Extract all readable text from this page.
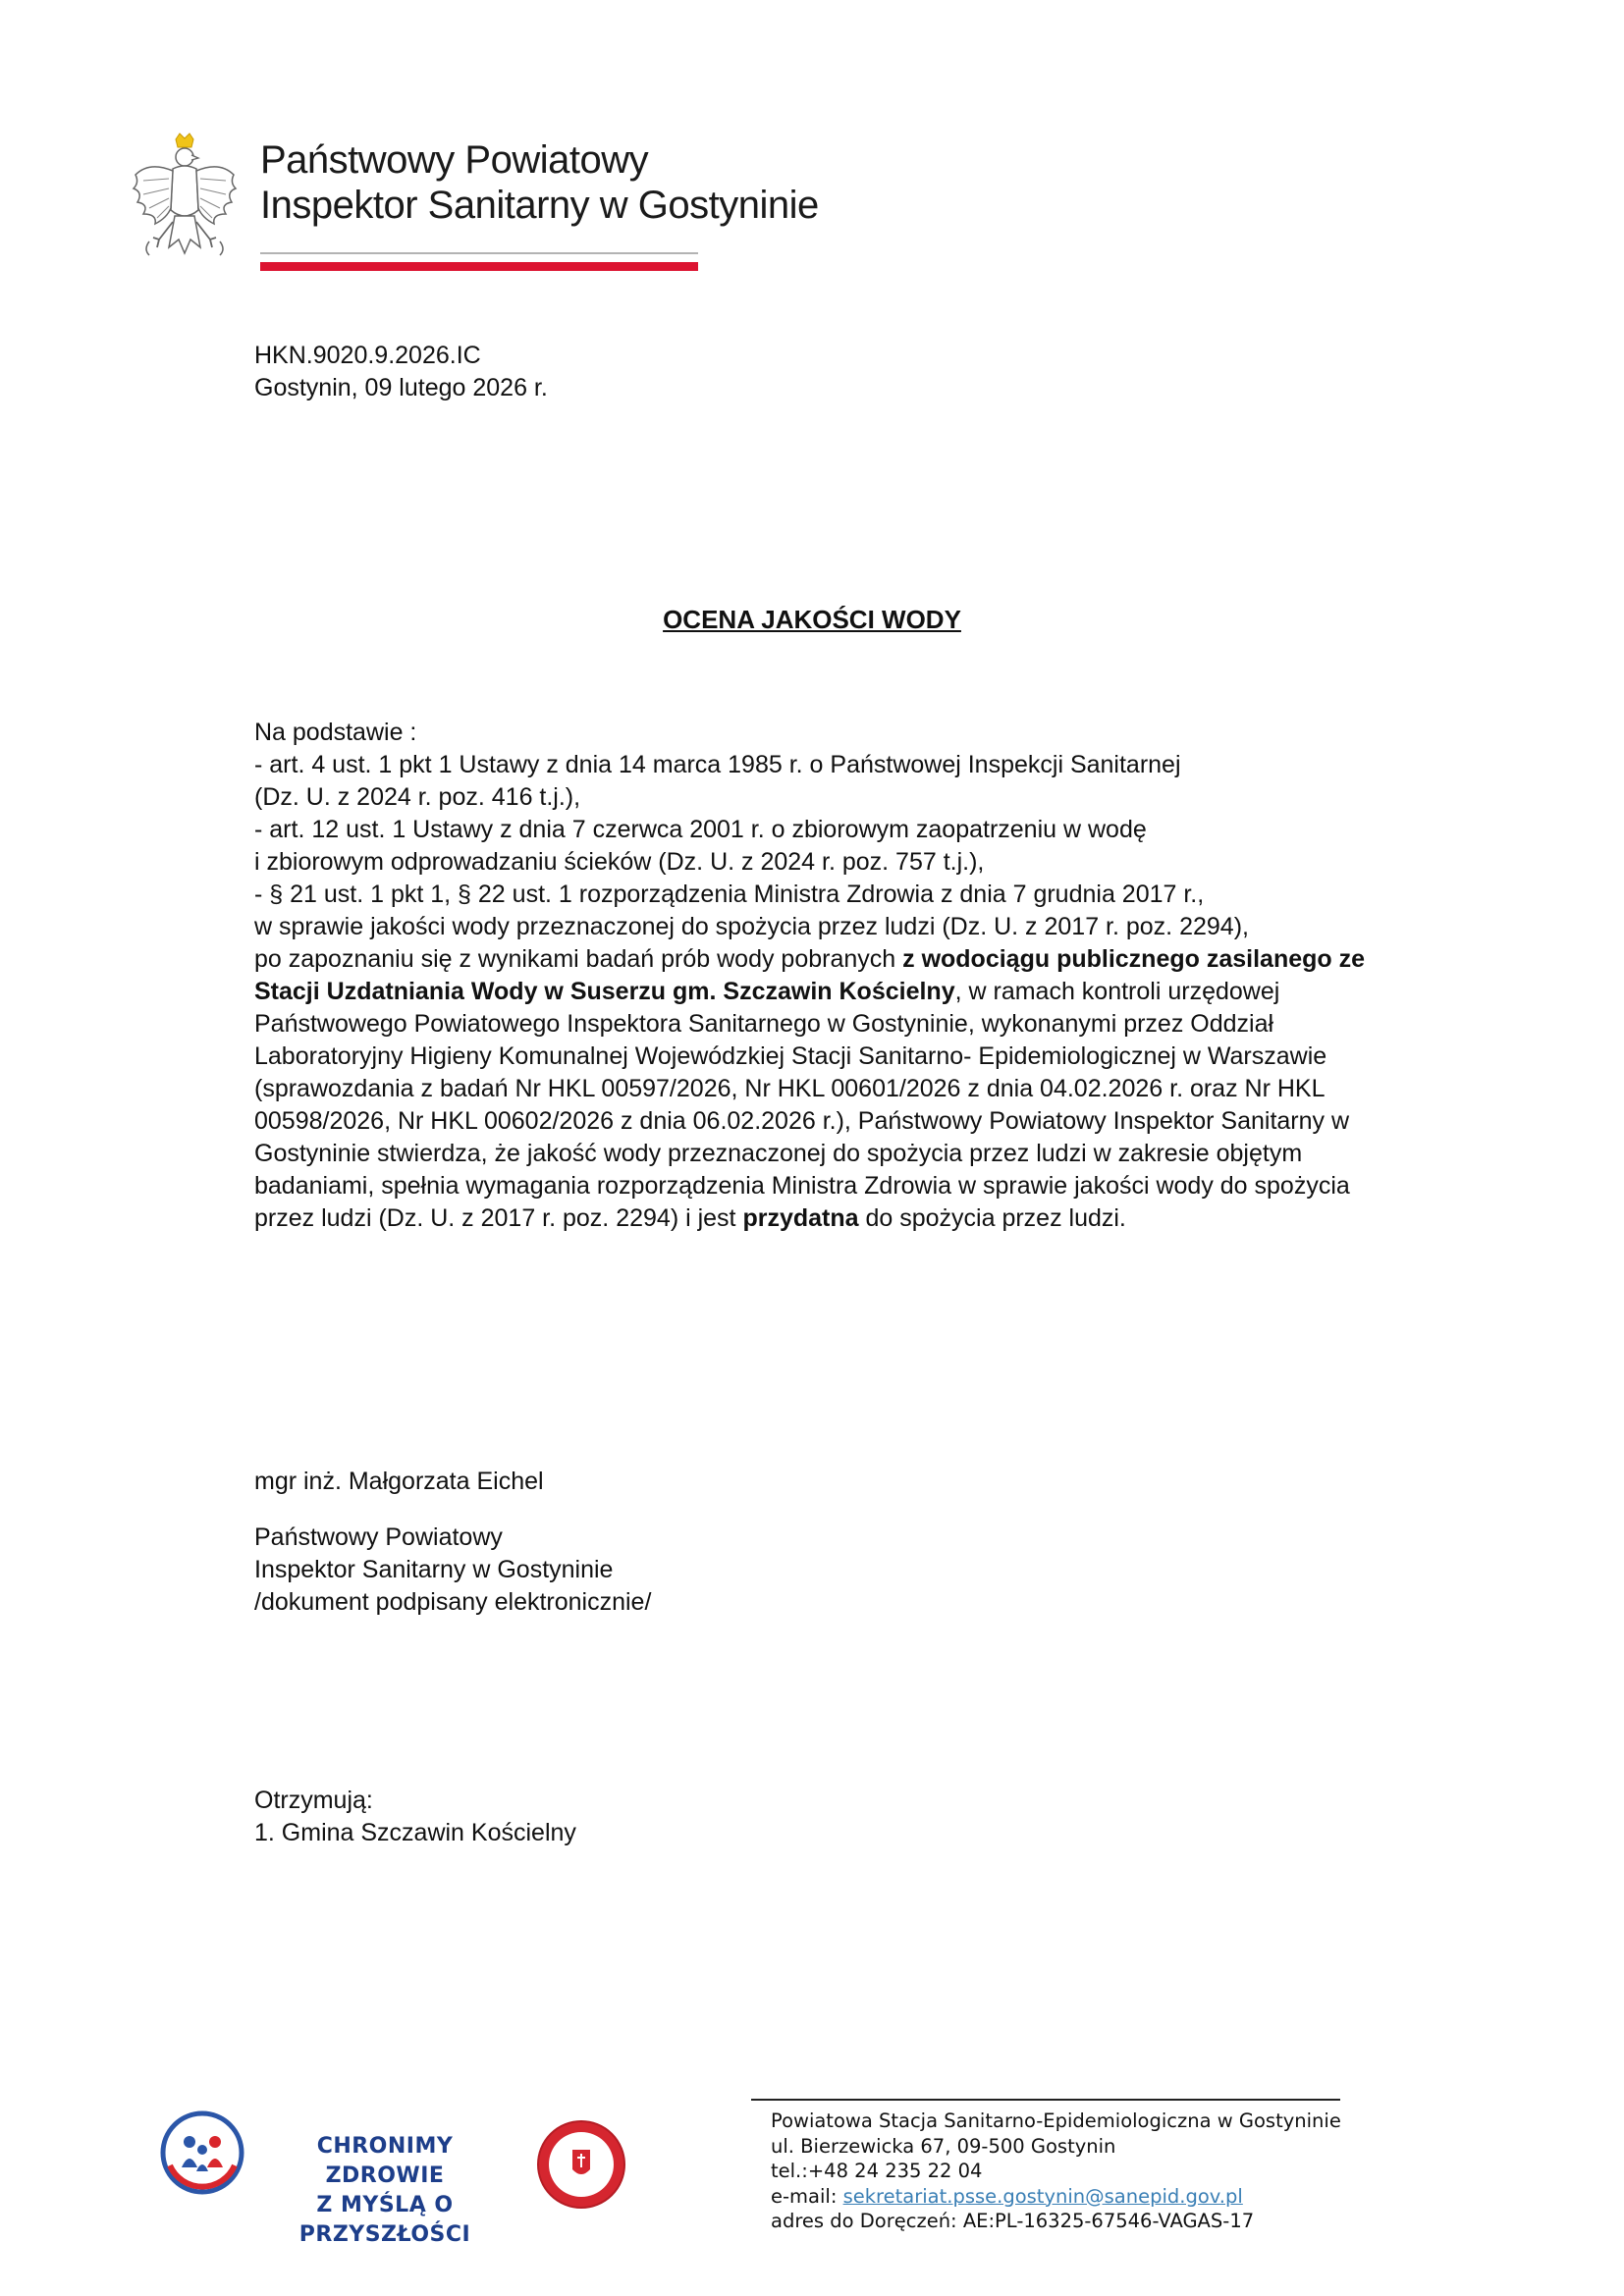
Państwowy Powiatowy
Inspektor Sanitarny w Gostyninie
HKN.9020.9.2026.IC
Gostynin, 09 lutego 2026 r.
OCENA JAKOŚCI WODY
Na podstawie :
- art. 4 ust. 1 pkt 1 Ustawy z dnia 14 marca 1985 r. o Państwowej Inspekcji Sanitarnej
(Dz. U. z 2024 r. poz. 416 t.j.),
- art. 12 ust. 1 Ustawy z dnia 7 czerwca 2001 r. o zbiorowym zaopatrzeniu w wodę
i zbiorowym odprowadzaniu ścieków (Dz. U. z 2024 r. poz. 757 t.j.),
- § 21 ust. 1 pkt 1, § 22 ust. 1 rozporządzenia Ministra Zdrowia z dnia 7 grudnia 2017 r.,
w sprawie jakości wody przeznaczonej do spożycia przez ludzi (Dz. U. z 2017 r. poz. 2294),
po zapoznaniu się z wynikami badań prób wody pobranych z wodociągu publicznego zasilanego ze Stacji Uzdatniania Wody w Suserzu gm. Szczawin Kościelny, w ramach kontroli urzędowej Państwowego Powiatowego Inspektora Sanitarnego w Gostyninie, wykonanymi przez Oddział Laboratoryjny Higieny Komunalnej Wojewódzkiej Stacji Sanitarno- Epidemiologicznej w Warszawie (sprawozdania z badań Nr HKL 00597/2026, Nr HKL 00601/2026 z dnia 04.02.2026 r. oraz Nr HKL 00598/2026, Nr HKL 00602/2026 z dnia 06.02.2026 r.), Państwowy Powiatowy Inspektor Sanitarny w Gostyninie stwierdza, że jakość wody przeznaczonej do spożycia przez ludzi w zakresie objętym badaniami, spełnia wymagania rozporządzenia Ministra Zdrowia w sprawie jakości wody do spożycia przez ludzi (Dz. U. z 2017 r. poz. 2294) i jest przydatna do spożycia przez ludzi.
mgr inż. Małgorzata Eichel
Państwowy Powiatowy
Inspektor Sanitarny w Gostyninie
/dokument podpisany elektronicznie/
Otrzymują:
1. Gmina Szczawin Kościelny
CHRONIMY ZDROWIE
Z MYŚLĄ O PRZYSZŁOŚCI
Powiatowa Stacja Sanitarno-Epidemiologiczna w Gostyninie
ul. Bierzewicka 67, 09-500 Gostynin
tel.:+48 24 235 22 04
e-mail: sekretariat.psse.gostynin@sanepid.gov.pl
adres do Doręczeń: AE:PL-16325-67546-VAGAS-17
